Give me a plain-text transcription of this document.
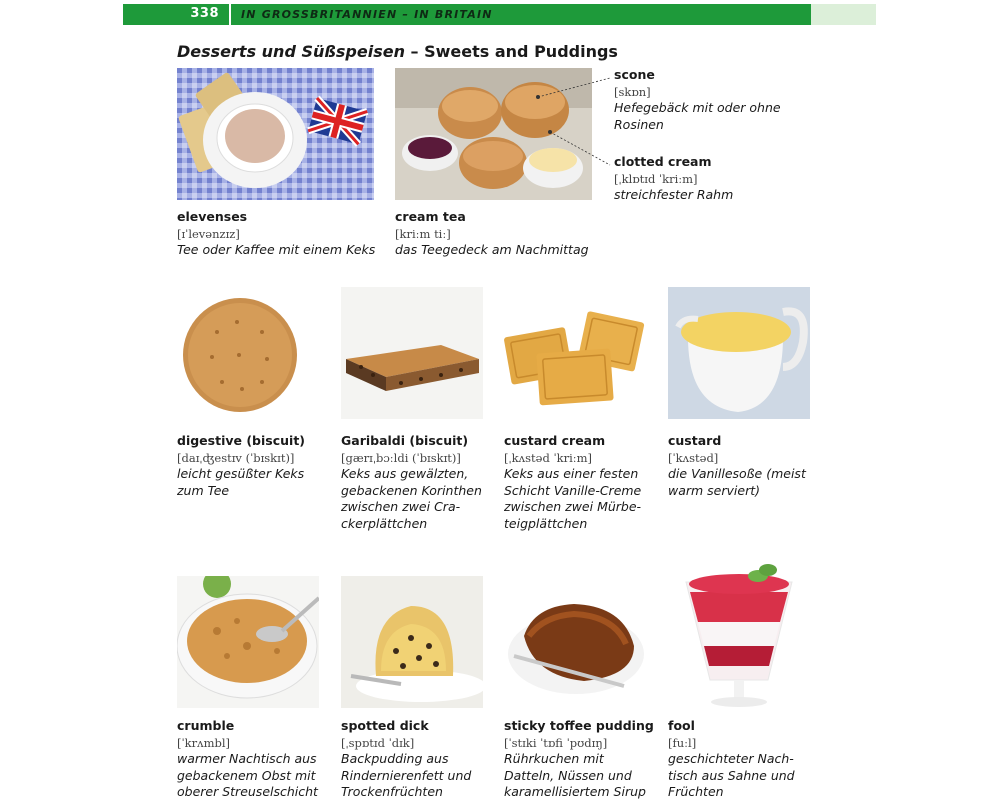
338 IN GROSSBRITANNIEN – IN BRITAIN
Desserts und Süßspeisen – Sweets and Puddings
scone
[skɒn]
Hefegebäck mit oder ohne Rosinen
clotted cream
[ˌklɒtɪd ˈkriːm]
streichfester Rahm
elevenses
[ɪˈlevənzɪz]
Tee oder Kaffee mit einem Keks
cream tea
[kriːm tiː]
das Teegedeck am Nachmittag
digestive (biscuit)
[daɪˌʤestɪv (ˈbɪskɪt)]
leicht gesüßter Keks zum Tee
Garibaldi (biscuit)
[gærɪˌbɔːldi (ˈbɪskɪt)]
Keks aus gewälzten, gebackenen Korinthen zwischen zwei Cra-ckerplättchen
custard cream
[ˌkʌstəd ˈkriːm]
Keks aus einer festen Schicht Vanille-Creme zwischen zwei Mürbe-teigplättchen
custard
[ˈkʌstəd]
die Vanillesoße (meist warm serviert)
crumble
[ˈkrʌmbl]
warmer Nachtisch aus gebackenem Obst mit oberer Streuselschicht
spotted dick
[ˌspɒtɪd ˈdɪk]
Backpudding aus Rindernierenfett und Trockenfrüchten
sticky toffee pudding
[ˈstɪki ˈtɒfi ˈpʊdɪŋ]
Rührkuchen mit Datteln, Nüssen und karamellisiertem Sirup
fool
[fuːl]
geschichteter Nach-tisch aus Sahne und Früchten
